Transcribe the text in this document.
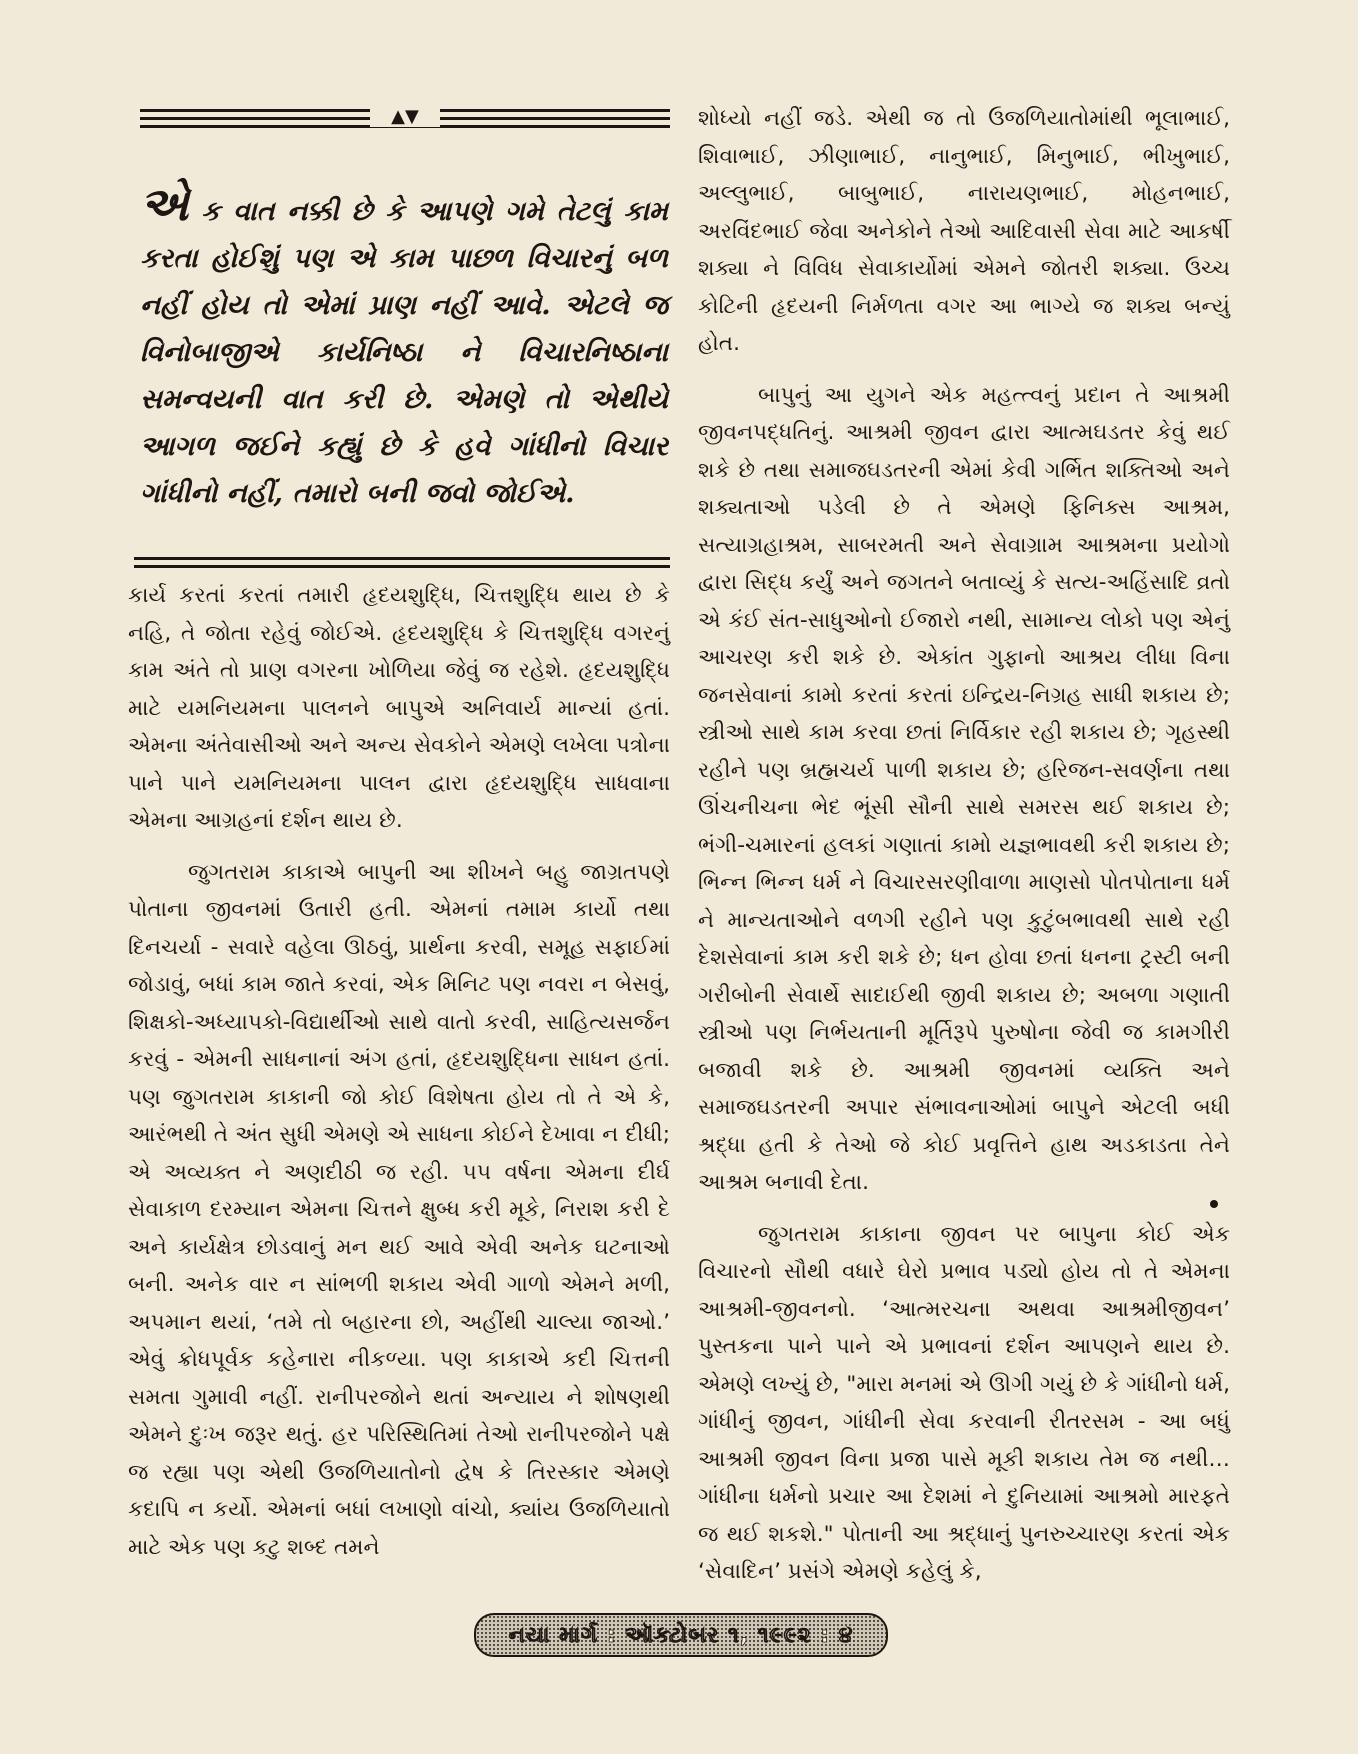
▲▼
એ ક વાત નક્કી છે કે આપણે ગમે તેટલું કામ કરતા હોઈશું પણ એ કામ પાછળ વિચારનું બળ નહીં હોય તો એમાં પ્રાણ નહીં આવે. એટલે જ વિનોબાજીએ કાર્યનિષ્ઠા ને વિચારનિષ્ઠાના સમન્વયની વાત કરી છે. એમણે તો એથીયે આગળ જઈને કહ્યું છે કે હવે ગાંધીનો વિચાર ગાંધીનો નહીં, તમારો બની જવો જોઈએ.

કાર્ય કરતાં કરતાં તમારી હૃદયશુદ્ધિ, ચિત્તશુદ્ધિ થાય છે કે નહિ, તે જોતા રહેવું જોઈએ. હૃદયશુદ્ધિ કે ચિત્તશુદ્ધિ વગરનું કામ અંતે તો પ્રાણ વગરના ખોળિયા જેવું જ રહેશે. હૃદયશુદ્ધિ માટે યમનિયમના પાલનને બાપુએ અનિવાર્ય માન્યાં હતાં. એમના અંતેવાસીઓ અને અન્ય સેવકોને એમણે લખેલા પત્રોના પાને પાને યમનિયમના પાલન દ્વારા હૃદયશુદ્ધિ સાધવાના એમના આગ્રહનાં દર્શન થાય છે.

જુગતરામ કાકાએ બાપુની આ શીખને બહુ જાગ્રતપણે પોતાના જીવનમાં ઉતારી હતી. એમનાં તમામ કાર્યો તથા દિનચર્યા - સવારે વહેલા ઊઠવું, પ્રાર્થના કરવી, સમૂહ સફાઈમાં જોડાવું, બધાં કામ જાતે કરવાં, એક મિનિટ પણ નવરા ન બેસવું, શિક્ષકો-અધ્યાપકો-વિદ્યાર્થીઓ સાથે વાતો કરવી, સાહિત્યસર્જન કરવું - એમની સાધનાનાં અંગ હતાં, હૃદયશુદ્ધિના સાધન હતાં. પણ જુગતરામ કાકાની જો કોઈ વિશેષતા હોય તો તે એ કે, આરંભથી તે અંત સુધી એમણે એ સાધના કોઈને દેખાવા ન દીધી; એ અવ્યક્ત ને અણદીઠી જ રહી. ૫૫ વર્ષના એમના દીર્ઘ સેવાકાળ દરમ્યાન એમના ચિત્તને ક્ષુબ્ધ કરી મૂકે, નિરાશ કરી દે અને કાર્યક્ષેત્ર છોડવાનું મન થઈ આવે એવી અનેક ઘટનાઓ બની. અનેક વાર ન સાંભળી શકાય એવી ગાળો એમને મળી, અપમાન થયાં, ‘તમે તો બહારના છો, અહીંથી ચાલ્યા જાઓ.’ એવું ક્રોધપૂર્વક કહેનારા નીકળ્યા. પણ કાકાએ કદી ચિત્તની સમતા ગુમાવી નહીં. રાનીપરજોને થતાં અન્યાય ને શોષણથી એમને દુઃખ જરૂર થતું. હર પરિસ્થિતિમાં તેઓ રાનીપરજોને પક્ષે જ રહ્યા પણ એથી ઉજળિયાતોનો દ્વેષ કે તિરસ્કાર એમણે કદાપિ ન કર્યો. એમનાં બધાં લખાણો વાંચો, ક્યાંય ઉજળિયાતો માટે એક પણ કટુ શબ્દ તમને

શોધ્યો નહીં જડે. એથી જ તો ઉજળિયાતોમાંથી ભૂલાભાઈ, શિવાભાઈ, ઝીણાભાઈ, નાનુભાઈ, મિનુભાઈ, ભીખુભાઈ, અલ્લુભાઈ, બાબુભાઈ, નારાયણભાઈ, મોહનભાઈ, અરવિંદભાઈ જેવા અનેકોને તેઓ આદિવાસી સેવા માટે આકર્ષી શક્યા ને વિવિધ સેવાકાર્યોમાં એમને જોતરી શક્યા. ઉચ્ચ કોટિની હૃદયની નિર્મળતા વગર આ ભાગ્યે જ શક્ય બન્યું હોત.

બાપુનું આ યુગને એક મહત્ત્વનું પ્રદાન તે આશ્રમી જીવનપદ્ધતિનું. આશ્રમી જીવન દ્વારા આત્મઘડતર કેવું થઈ શકે છે તથા સમાજઘડતરની એમાં કેવી ગર્ભિત શક્તિઓ અને શક્યતાઓ પડેલી છે તે એમણે ફિનિક્સ આશ્રમ, સત્યાગ્રહાશ્રમ, સાબરમતી અને સેવાગ્રામ આશ્રમના પ્રયોગો દ્વારા સિદ્ધ કર્યું અને જગતને બતાવ્યું કે સત્ય-અહિંસાદિ વ્રતો એ કંઈ સંત-સાધુઓનો ઈજારો નથી, સામાન્ય લોકો પણ એનું આચરણ કરી શકે છે. એકાંત ગુફાનો આશ્રય લીધા વિના જનસેવાનાં કામો કરતાં કરતાં ઇન્દ્રિય-નિગ્રહ સાધી શકાય છે; સ્ત્રીઓ સાથે કામ કરવા છતાં નિર્વિકાર રહી શકાય છે; ગૃહસ્થી રહીને પણ બ્રહ્મચર્ય પાળી શકાય છે; હરિજન-સવર્ણના તથા ઊંચનીચના ભેદ ભૂંસી સૌની સાથે સમરસ થઈ શકાય છે; ભંગી-ચમારનાં હલકાં ગણાતાં કામો યજ્ઞભાવથી કરી શકાય છે; ભિન્ન ભિન્ન ધર્મ ને વિચારસરણીવાળા માણસો પોતપોતાના ધર્મ ને માન્યતાઓને વળગી રહીને પણ કુટુંબભાવથી સાથે રહી દેશસેવાનાં કામ કરી શકે છે; ધન હોવા છતાં ધનના ટ્રસ્ટી બની ગરીબોની સેવાર્થે સાદાઈથી જીવી શકાય છે; અબળા ગણાતી સ્ત્રીઓ પણ નિર્ભયતાની મૂર્તિરૂપે પુરુષોના જેવી જ કામગીરી બજાવી શકે છે. આશ્રમી જીવનમાં વ્યક્તિ અને સમાજઘડતરની અપાર સંભાવનાઓમાં બાપુને એટલી બધી શ્રદ્ધા હતી કે તેઓ જે કોઈ પ્રવૃત્તિને હાથ અડકાડતા તેને આશ્રમ બનાવી દેતા.

જુગતરામ કાકાના જીવન પર બાપુના કોઈ એક વિચારનો સૌથી વધારે ઘેરો પ્રભાવ પડ્યો હોય તો તે એમના આશ્રમી-જીવનનો. ‘આત્મરચના અથવા આશ્રમીજીવન’ પુસ્તકના પાને પાને એ પ્રભાવનાં દર્શન આપણને થાય છે. એમણે લખ્યું છે, "મારા મનમાં એ ઊગી ગયું છે કે ગાંધીનો ધર્મ, ગાંધીનું જીવન, ગાંધીની સેવા કરવાની રીતરસમ - આ બધું આશ્રમી જીવન વિના પ્રજા પાસે મૂકી શકાય તેમ જ નથી… ગાંધીના ધર્મનો પ્રચાર આ દેશમાં ને દુનિયામાં આશ્રમો મારફતે જ થઈ શકશે." પોતાની આ શ્રદ્ધાનું પુનરુચ્ચારણ કરતાં એક ‘સેવાદિન’ પ્રસંગે એમણે કહેલું કે,

નયા માર્ગ : ઑક્ટોબર ૧, ૧૯૯૨ : ૪
